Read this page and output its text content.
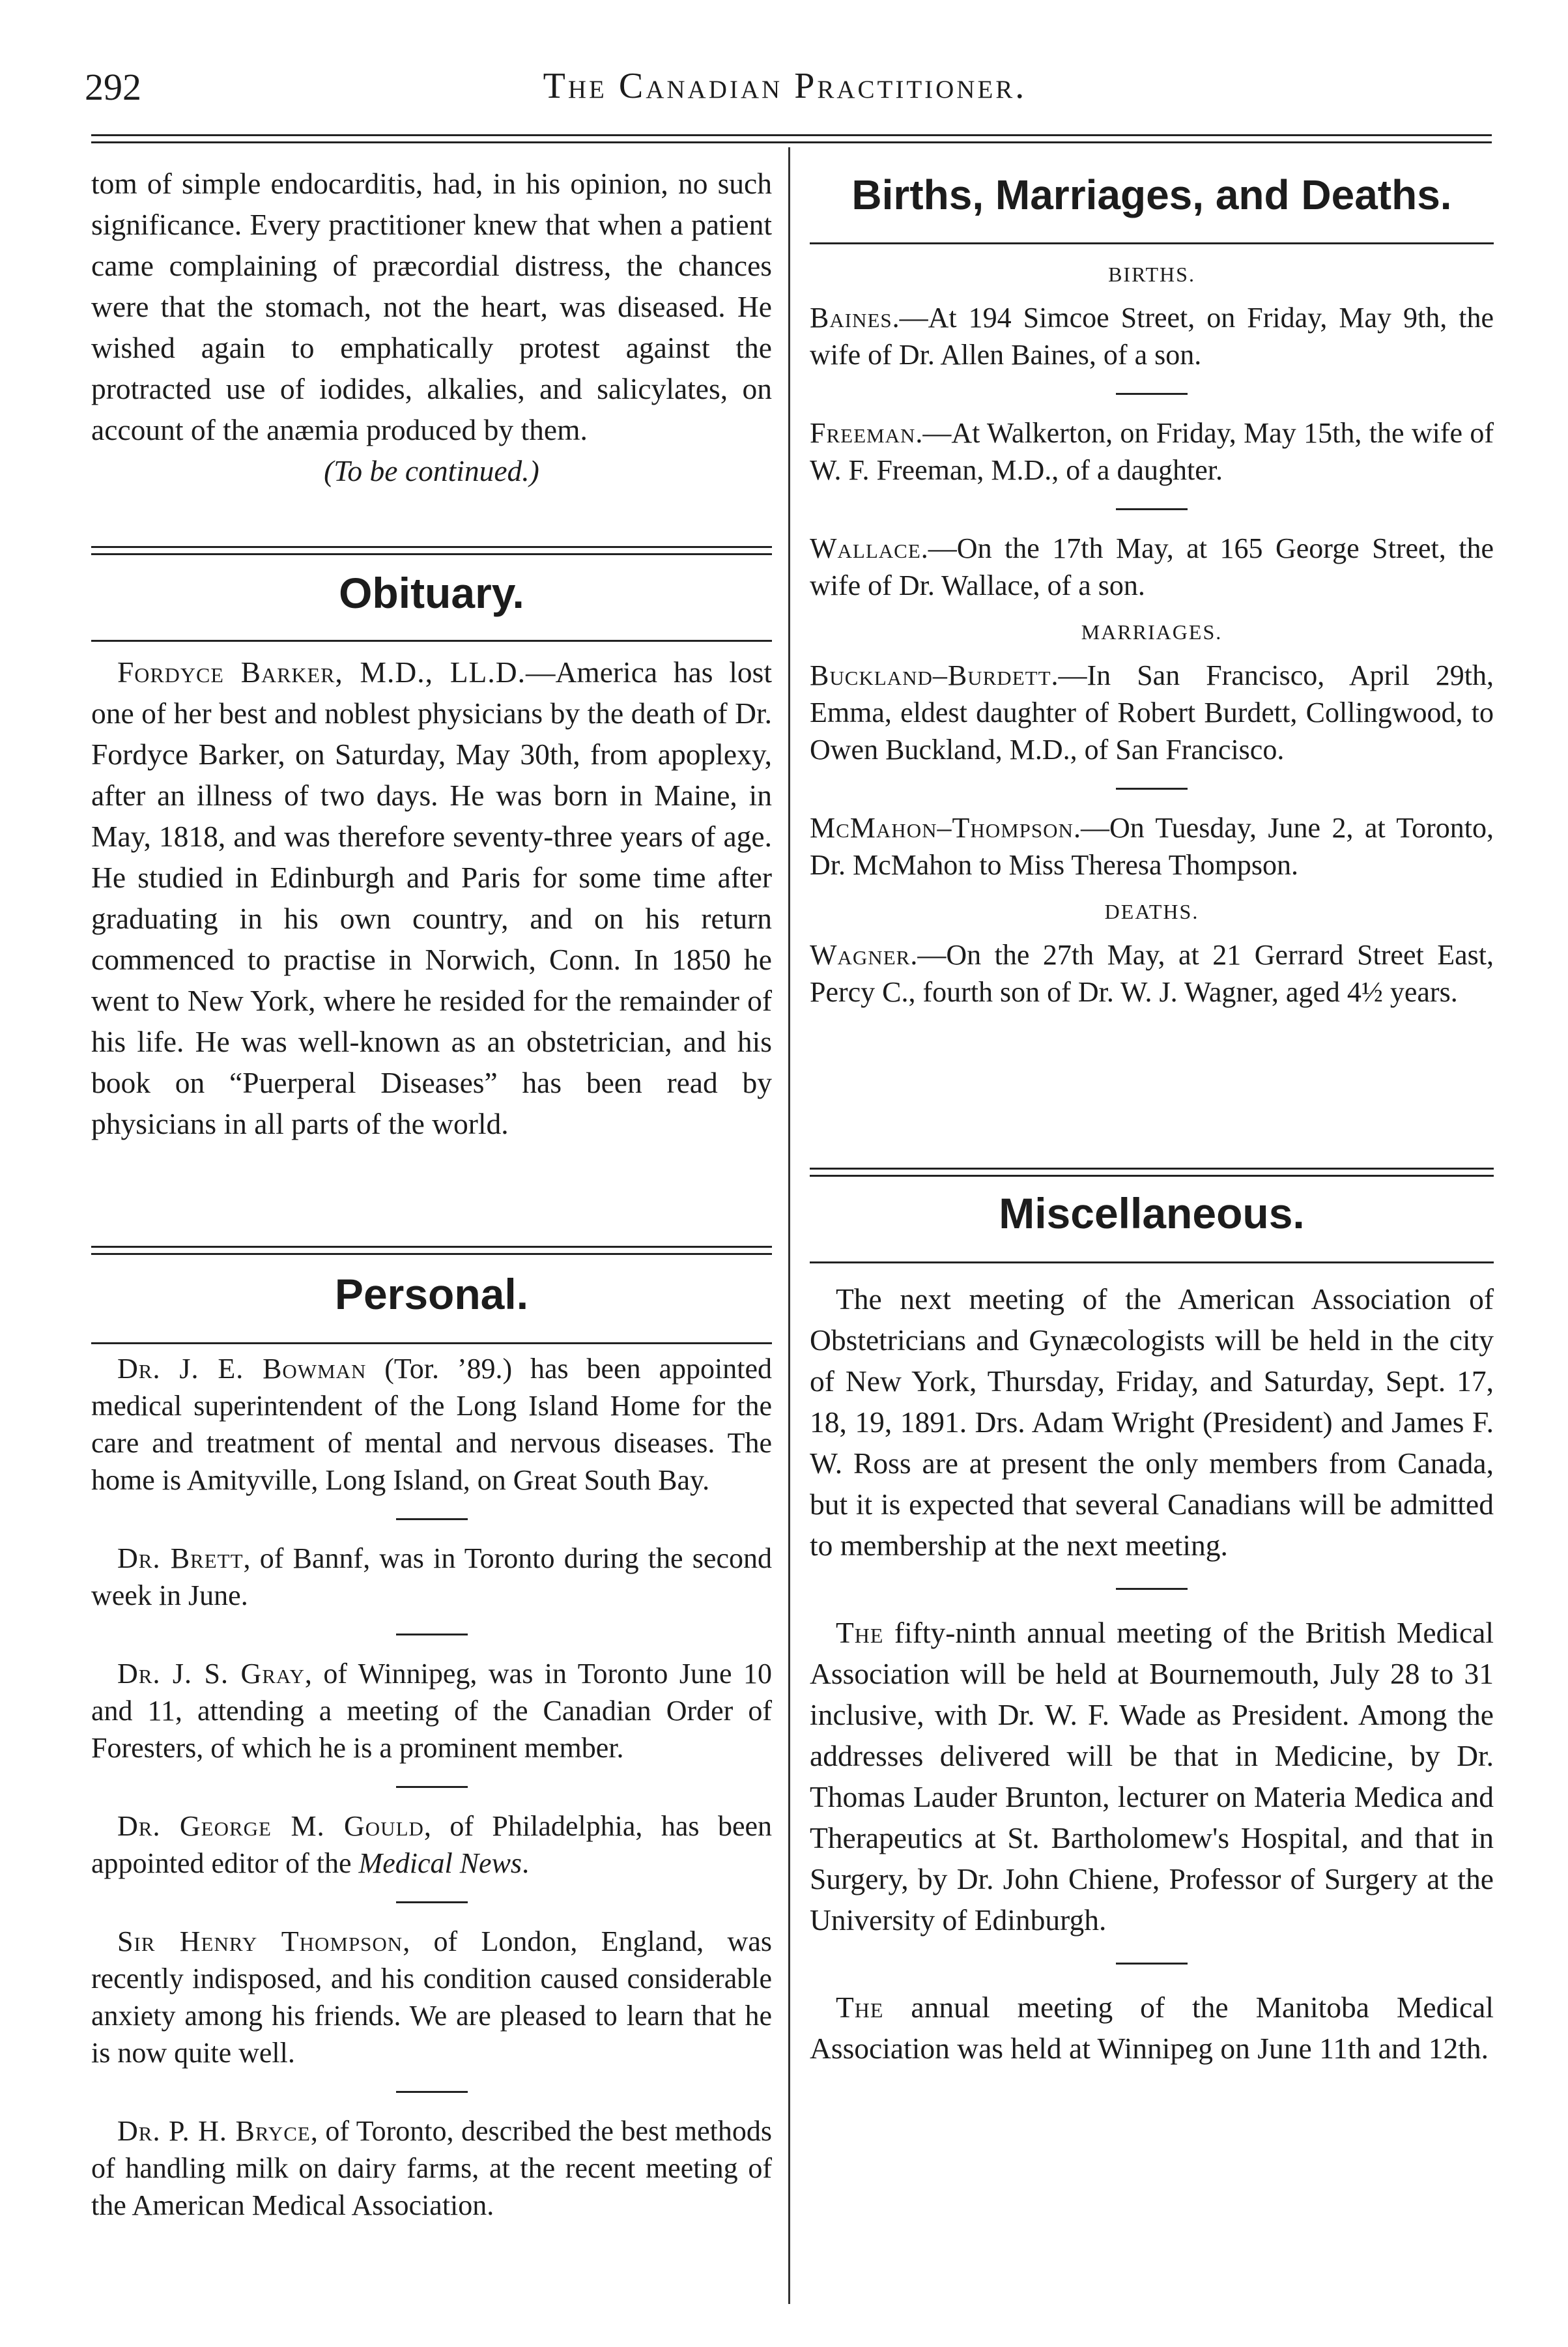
292	The Canadian Practitioner.

tom of simple endocarditis, had, in his opinion, no such significance. Every practitioner knew that when a patient came complaining of præcordial distress, the chances were that the stomach, not the heart, was diseased. He wished again to emphatically protest against the protracted use of iodides, alkalies, and salicylates, on account of the anæmia produced by them.

(To be continued.)

Obituary.

Fordyce Barker, M.D., LL.D.—America has lost one of her best and noblest physicians by the death of Dr. Fordyce Barker, on Saturday, May 30th, from apoplexy, after an illness of two days. He was born in Maine, in May, 1818, and was therefore seventy-three years of age. He studied in Edinburgh and Paris for some time after graduating in his own country, and on his return commenced to practise in Norwich, Conn. In 1850 he went to New York, where he resided for the remainder of his life. He was well-known as an obstetrician, and his book on “Puerperal Diseases” has been read by physicians in all parts of the world.

Personal.

Dr. J. E. Bowman (Tor. ’89.) has been appointed medical superintendent of the Long Island Home for the care and treatment of mental and nervous diseases. The home is Amityville, Long Island, on Great South Bay.

Dr. Brett, of Bannf, was in Toronto during the second week in June.

Dr. J. S. Gray, of Winnipeg, was in Toronto June 10 and 11, attending a meeting of the Canadian Order of Foresters, of which he is a prominent member.

Dr. George M. Gould, of Philadelphia, has been appointed editor of the Medical News.

Sir Henry Thompson, of London, England, was recently indisposed, and his condition caused considerable anxiety among his friends. We are pleased to learn that he is now quite well.

Dr. P. H. Bryce, of Toronto, described the best methods of handling milk on dairy farms, at the recent meeting of the American Medical Association.

Births, Marriages, and Deaths.

BIRTHS.

Baines.—At 194 Simcoe Street, on Friday, May 9th, the wife of Dr. Allen Baines, of a son.

Freeman.—At Walkerton, on Friday, May 15th, the wife of W. F. Freeman, M.D., of a daughter.

Wallace.—On the 17th May, at 165 George Street, the wife of Dr. Wallace, of a son.

MARRIAGES.

Buckland–Burdett.—In San Francisco, April 29th, Emma, eldest daughter of Robert Burdett, Collingwood, to Owen Buckland, M.D., of San Francisco.

McMahon–Thompson.—On Tuesday, June 2, at Toronto, Dr. McMahon to Miss Theresa Thompson.

DEATHS.

Wagner.—On the 27th May, at 21 Gerrard Street East, Percy C., fourth son of Dr. W. J. Wagner, aged 4½ years.

Miscellaneous.

The next meeting of the American Association of Obstetricians and Gynæcologists will be held in the city of New York, Thursday, Friday, and Saturday, Sept. 17, 18, 19, 1891. Drs. Adam Wright (President) and James F. W. Ross are at present the only members from Canada, but it is expected that several Canadians will be admitted to membership at the next meeting.

The fifty-ninth annual meeting of the British Medical Association will be held at Bournemouth, July 28 to 31 inclusive, with Dr. W. F. Wade as President. Among the addresses delivered will be that in Medicine, by Dr. Thomas Lauder Brunton, lecturer on Materia Medica and Therapeutics at St. Bartholomew's Hospital, and that in Surgery, by Dr. John Chiene, Professor of Surgery at the University of Edinburgh.

The annual meeting of the Manitoba Medical Association was held at Winnipeg on June 11th and 12th.
